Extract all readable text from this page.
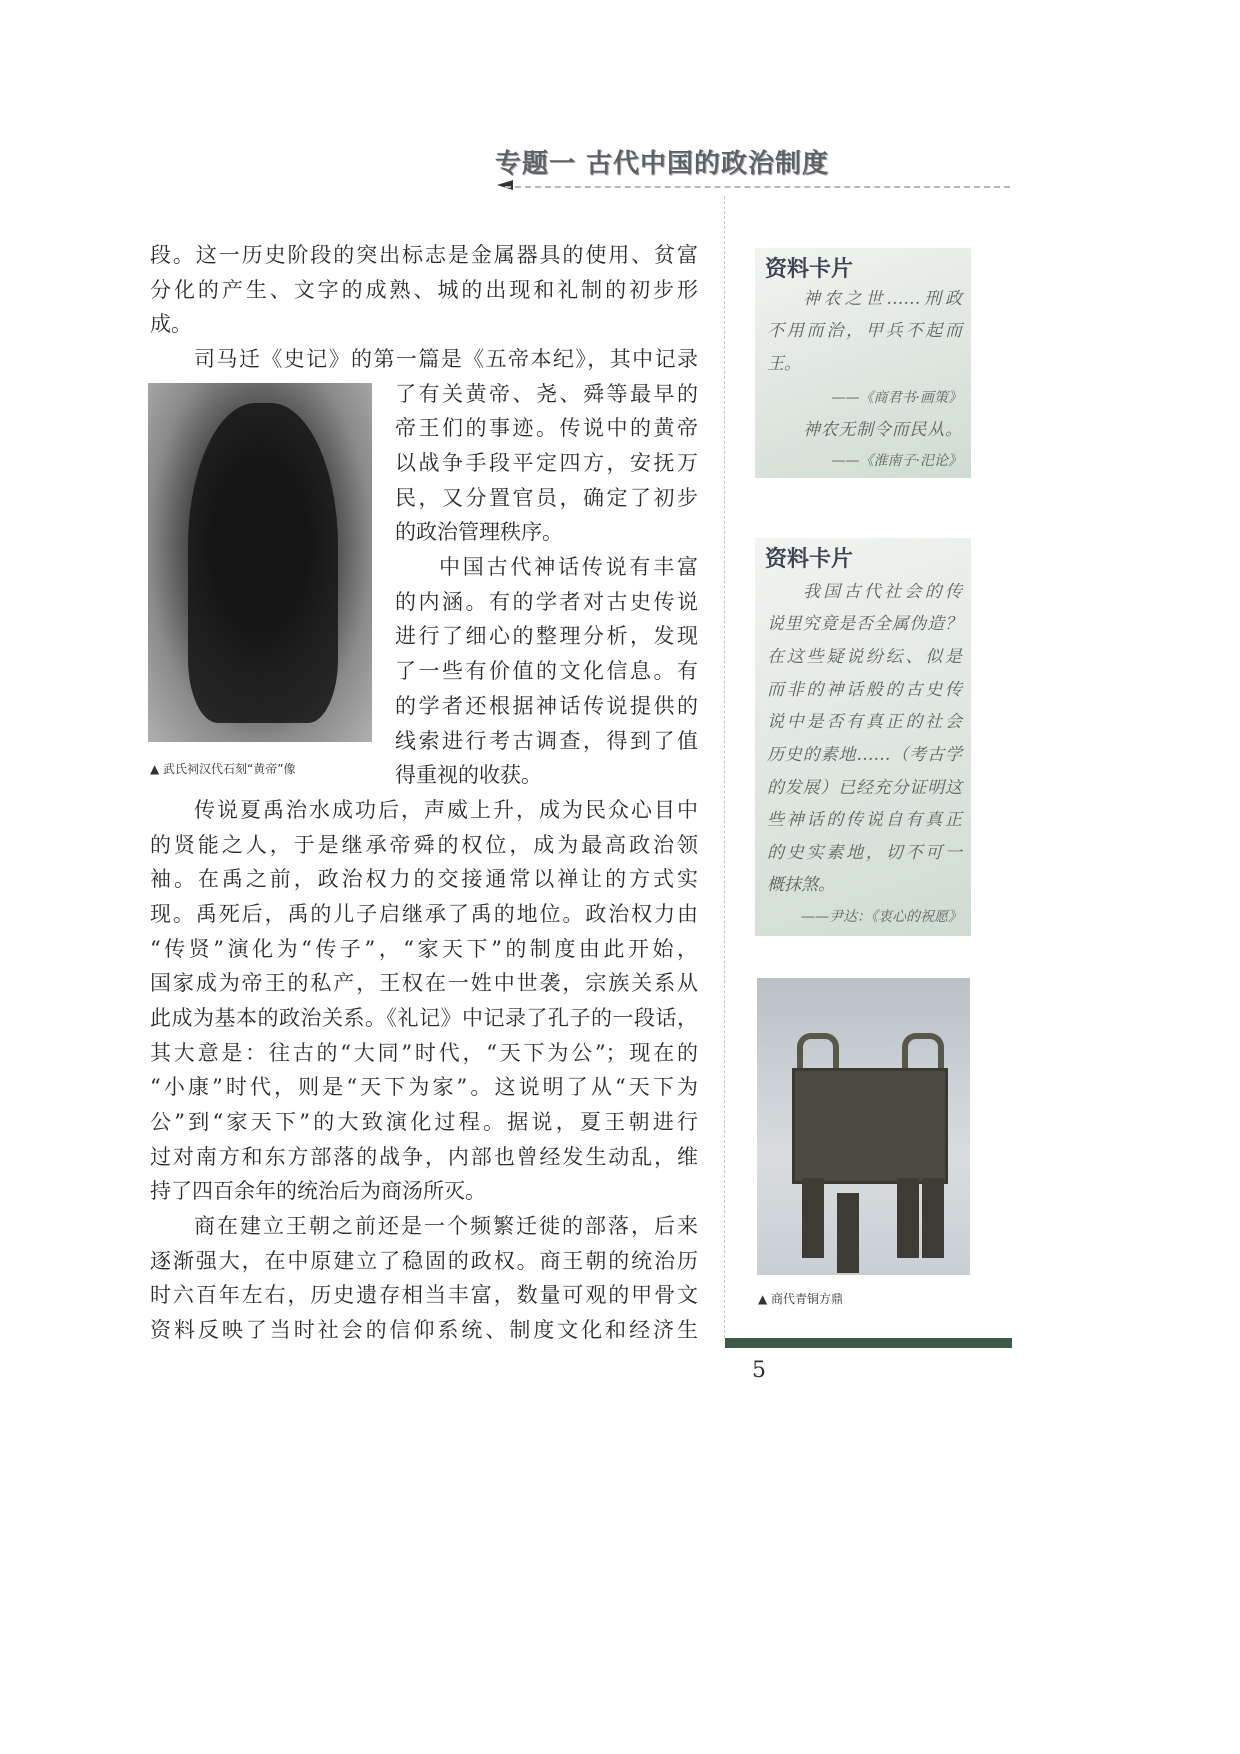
专题一 古代中国的政治制度
段。这一历史阶段的突出标志是金属器具的使用、贫富
分化的产生、文字的成熟、城的出现和礼制的初步形
成。
司马迁《史记》的第一篇是《五帝本纪》，其中记录
了有关黄帝、尧、舜等最早的
帝王们的事迹。传说中的黄帝
以战争手段平定四方，安抚万
民，又分置官员，确定了初步
的政治管理秩序。
中国古代神话传说有丰富
的内涵。有的学者对古史传说
进行了细心的整理分析，发现
了一些有价值的文化信息。有
的学者还根据神话传说提供的
线索进行考古调查，得到了值
得重视的收获。
传说夏禹治水成功后，声威上升，成为民众心目中
的贤能之人，于是继承帝舜的权位，成为最高政治领
袖。在禹之前，政治权力的交接通常以禅让的方式实
现。禹死后，禹的儿子启继承了禹的地位。政治权力由
“传贤”演化为“传子”，“家天下”的制度由此开始，
国家成为帝王的私产，王权在一姓中世袭，宗族关系从
此成为基本的政治关系。《礼记》中记录了孔子的一段话，
其大意是：往古的“大同”时代，“天下为公”；现在的
“小康”时代，则是“天下为家”。这说明了从“天下为
公”到“家天下”的大致演化过程。据说，夏王朝进行
过对南方和东方部落的战争，内部也曾经发生动乱，维
持了四百余年的统治后为商汤所灭。
商在建立王朝之前还是一个频繁迁徙的部落，后来
逐渐强大，在中原建立了稳固的政权。商王朝的统治历
时六百年左右，历史遗存相当丰富，数量可观的甲骨文
资料反映了当时社会的信仰系统、制度文化和经济生
▲ 武氏祠汉代石刻“黄帝”像
资料卡片
神农之世……刑政
不用而治，甲兵不起而
王。
——《商君书·画策》
神农无制令而民从。
——《淮南子·汜论》
资料卡片
我国古代社会的传
说里究竟是否全属伪造？
在这些疑说纷纭、似是
而非的神话般的古史传
说中是否有真正的社会
历史的素地……（考古学
的发展）已经充分证明这
些神话的传说自有真正
的史实素地，切不可一
概抹煞。
——尹达：《衷心的祝愿》
▲ 商代青铜方鼎
5
